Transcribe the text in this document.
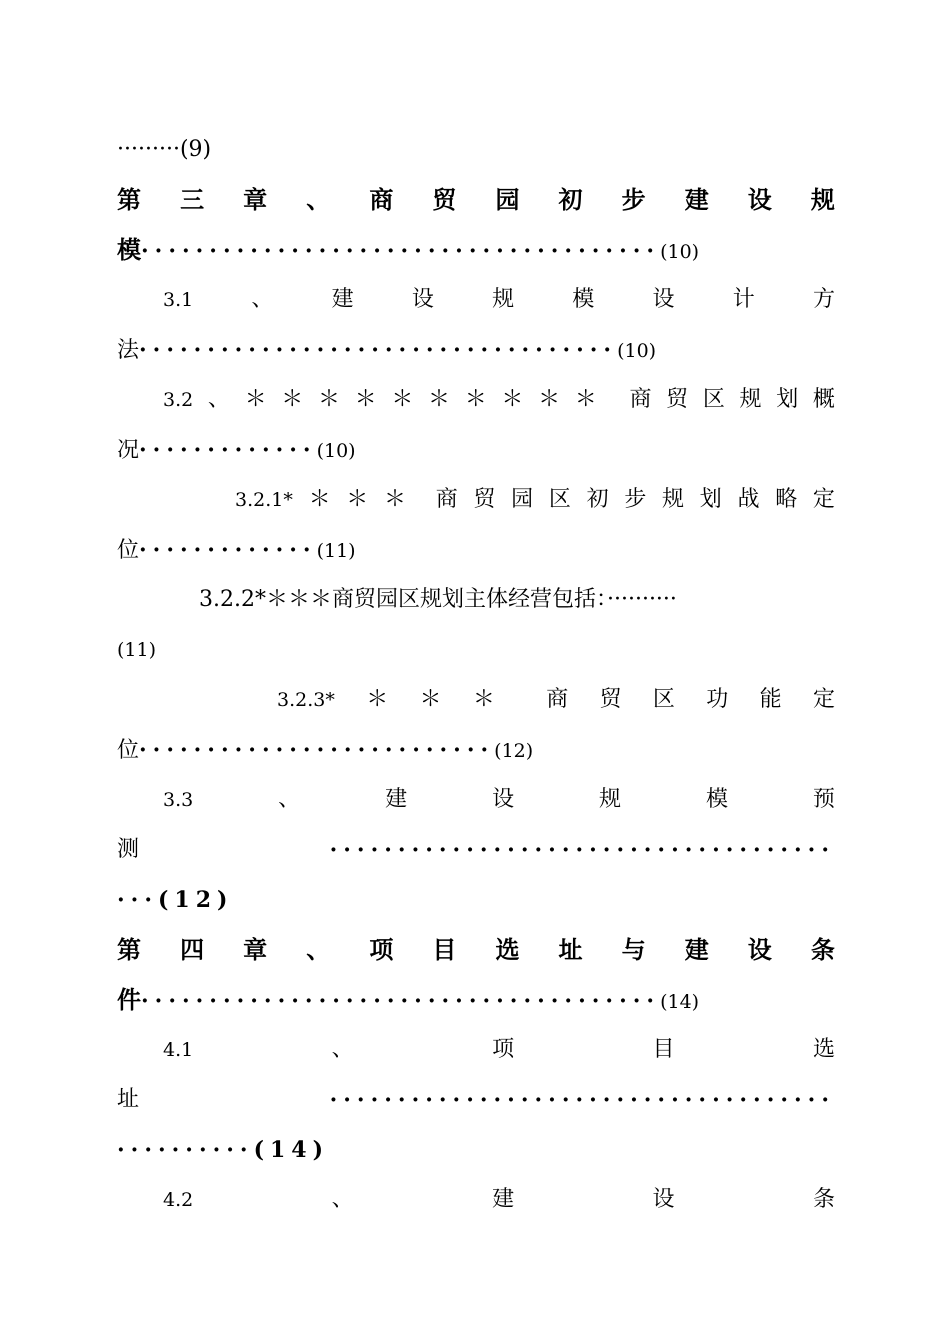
·········(9)
第 三 章 、 商 贸 园 初 步 建 设 规
模······································(10)
3.1	、	建	设	规	模	设	计	方
法···································(10)
3.2 、 ＊ ＊ ＊ ＊ ＊ ＊ ＊ ＊ ＊ ＊ 商 贸 区 规 划 概
况·············(10)
3.2.1* ＊ ＊ ＊ 商 贸 园 区 初 步 规 划 战 略 定
位·············(11)
3.2.2*＊＊＊商贸园区规划主体经营包括：··········
(11)
3.2.3* ＊ ＊ ＊ 商 贸 区 功 能 定
位··························(12)
3.3	、	建	设	规	模	预
测	·····································
···(12)
第 四 章 、 项 目 选 址 与 建 设 条
件······································(14)
4.1	、	项	目	选
址	·····································
··········(14)
4.2	、	建	设	条
